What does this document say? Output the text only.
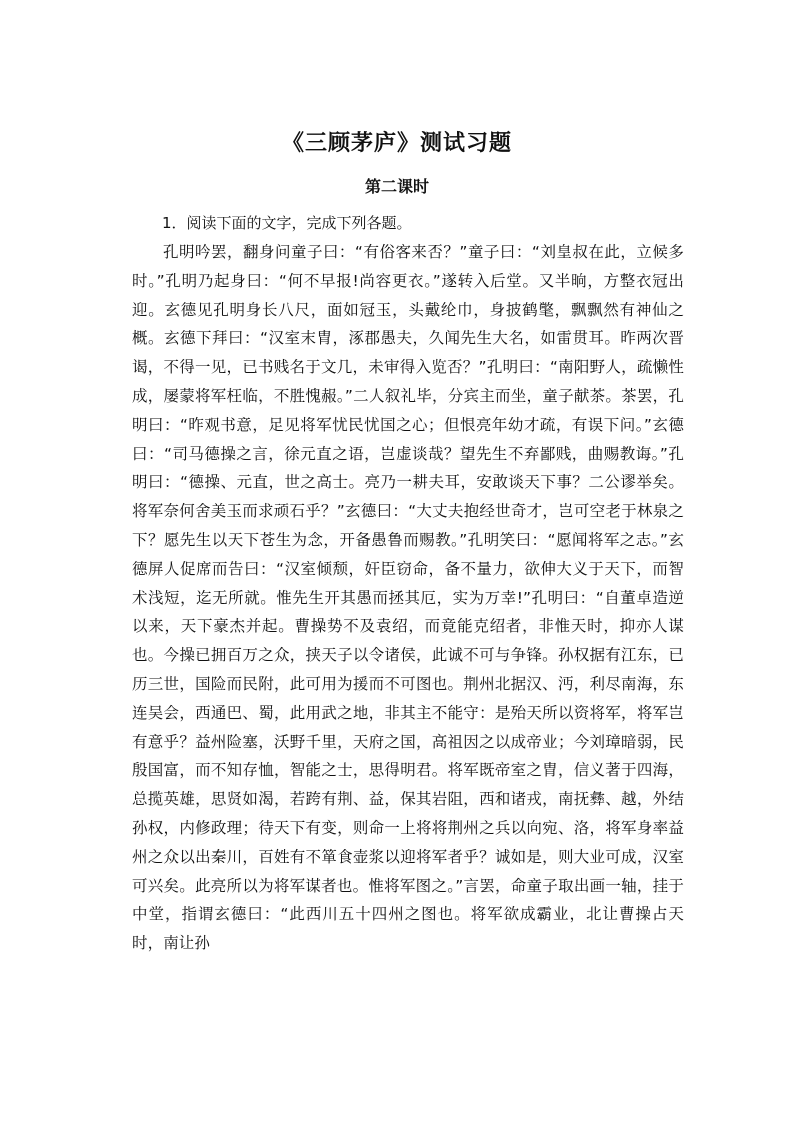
《三顾茅庐》测试习题
第二课时
1．阅读下面的文字，完成下列各题。
孔明吟罢，翻身问童子曰：“有俗客来否？”童子曰：“刘皇叔在此，立候多时。”孔明乃起身曰：“何不早报!尚容更衣。”遂转入后堂。又半晌，方整衣冠出迎。玄德见孔明身长八尺，面如冠玉，头戴纶巾，身披鹤氅，飘飘然有神仙之概。玄德下拜曰：“汉室末胄，涿郡愚夫，久闻先生大名，如雷贯耳。昨两次晋谒，不得一见，已书贱名于文几，未审得入览否？”孔明曰：“南阳野人，疏懒性成，屡蒙将军枉临，不胜愧赧。”二人叙礼毕，分宾主而坐，童子献茶。茶罢，孔明曰：“昨观书意，足见将军忧民忧国之心；但恨亮年幼才疏，有误下问。”玄德曰：“司马德操之言，徐元直之语，岂虚谈哉？望先生不弃鄙贱，曲赐教诲。”孔明曰：“德操、元直，世之高士。亮乃一耕夫耳，安敢谈天下事？二公谬举矣。将军奈何舍美玉而求顽石乎？”玄德曰：“大丈夫抱经世奇才，岂可空老于林泉之下？愿先生以天下苍生为念，开备愚鲁而赐教。”孔明笑曰：“愿闻将军之志。”玄德屏人促席而告曰：“汉室倾颓，奸臣窃命，备不量力，欲伸大义于天下，而智术浅短，迄无所就。惟先生开其愚而拯其厄，实为万幸!”孔明曰：“自董卓造逆以来，天下豪杰并起。曹操势不及袁绍，而竟能克绍者，非惟天时，抑亦人谋也。今操已拥百万之众，挟天子以令诸侯，此诚不可与争锋。孙权据有江东，已历三世，国险而民附，此可用为援而不可图也。荆州北据汉、沔，利尽南海，东连吴会，西通巴、蜀，此用武之地，非其主不能守：是殆天所以资将军，将军岂有意乎？益州险塞，沃野千里，天府之国，高祖因之以成帝业；今刘璋暗弱，民殷国富，而不知存恤，智能之士，思得明君。将军既帝室之胄，信义著于四海，总揽英雄，思贤如渴，若跨有荆、益，保其岩阻，西和诸戎，南抚彝、越，外结孙权，内修政理；待天下有变，则命一上将将荆州之兵以向宛、洛，将军身率益州之众以出秦川，百姓有不箪食壶浆以迎将军者乎？诚如是，则大业可成，汉室可兴矣。此亮所以为将军谋者也。惟将军图之。”言罢，命童子取出画一轴，挂于中堂，指谓玄德曰：“此西川五十四州之图也。将军欲成霸业，北让曹操占天时，南让孙
